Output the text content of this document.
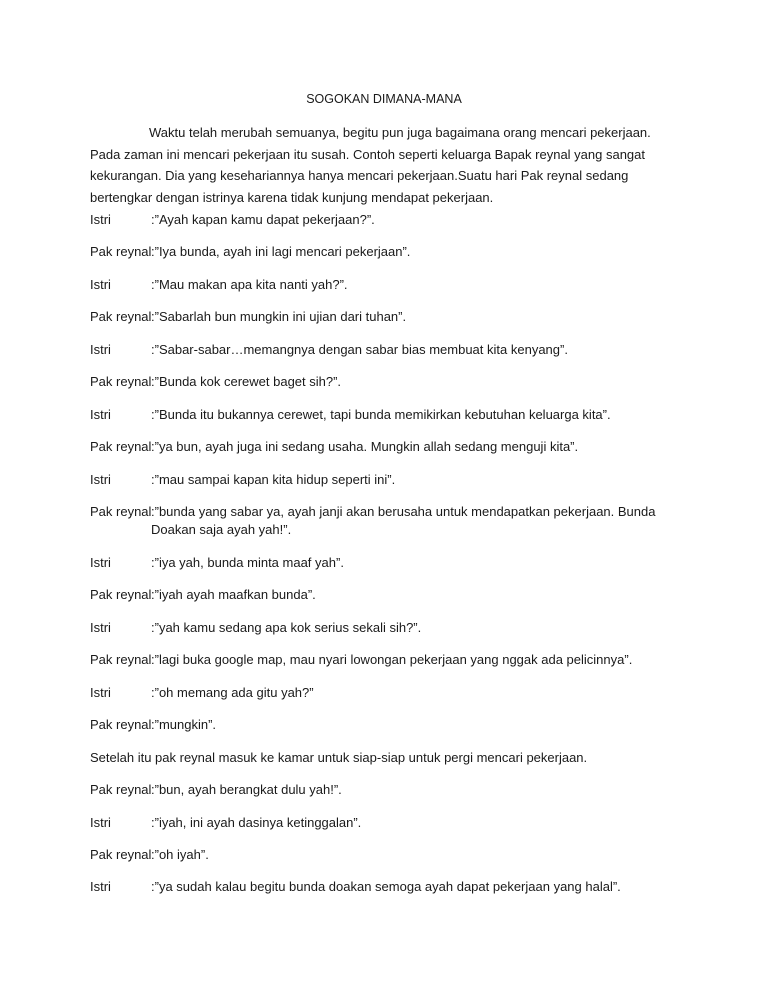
SOGOKAN DIMANA-MANA
Waktu telah merubah semuanya, begitu pun juga bagaimana orang mencari pekerjaan. Pada zaman ini mencari pekerjaan itu susah. Contoh seperti keluarga Bapak reynal yang sangat kekurangan. Dia yang kesehariannya hanya mencari pekerjaan.Suatu hari Pak reynal sedang bertengkar dengan istrinya karena tidak kunjung mendapat pekerjaan.
Istri	:”Ayah kapan kamu dapat pekerjaan?”.
Pak reynal:”Iya bunda, ayah ini lagi mencari pekerjaan”.
Istri	:”Mau makan apa kita nanti yah?”.
Pak reynal:”Sabarlah bun mungkin ini ujian dari tuhan”.
Istri	:”Sabar-sabar…memangnya dengan sabar bias membuat kita kenyang”.
Pak reynal:”Bunda kok cerewet baget sih?”.
Istri	:”Bunda itu bukannya cerewet, tapi bunda memikirkan kebutuhan keluarga kita”.
Pak reynal:”ya bun, ayah juga ini sedang usaha. Mungkin allah sedang menguji kita”.
Istri	:”mau sampai kapan kita hidup seperti ini”.
Pak reynal:”bunda yang sabar ya, ayah janji akan berusaha untuk mendapatkan pekerjaan. Bunda
Doakan saja ayah yah!”.
Istri	:”iya yah, bunda minta maaf yah”.
Pak reynal:”iyah ayah maafkan bunda”.
Istri	:”yah kamu sedang apa kok serius sekali sih?”.
Pak reynal:”lagi buka google map, mau nyari lowongan pekerjaan yang nggak ada pelicinnya”.
Istri	:”oh memang ada gitu yah?”
Pak reynal:”mungkin”.
Setelah itu pak reynal masuk ke kamar untuk siap-siap untuk pergi mencari pekerjaan.
Pak reynal:”bun, ayah berangkat dulu yah!”.
Istri	:”iyah, ini ayah dasinya ketinggalan”.
Pak reynal:”oh iyah”.
Istri	:”ya sudah kalau begitu bunda doakan semoga ayah dapat pekerjaan yang halal”.
